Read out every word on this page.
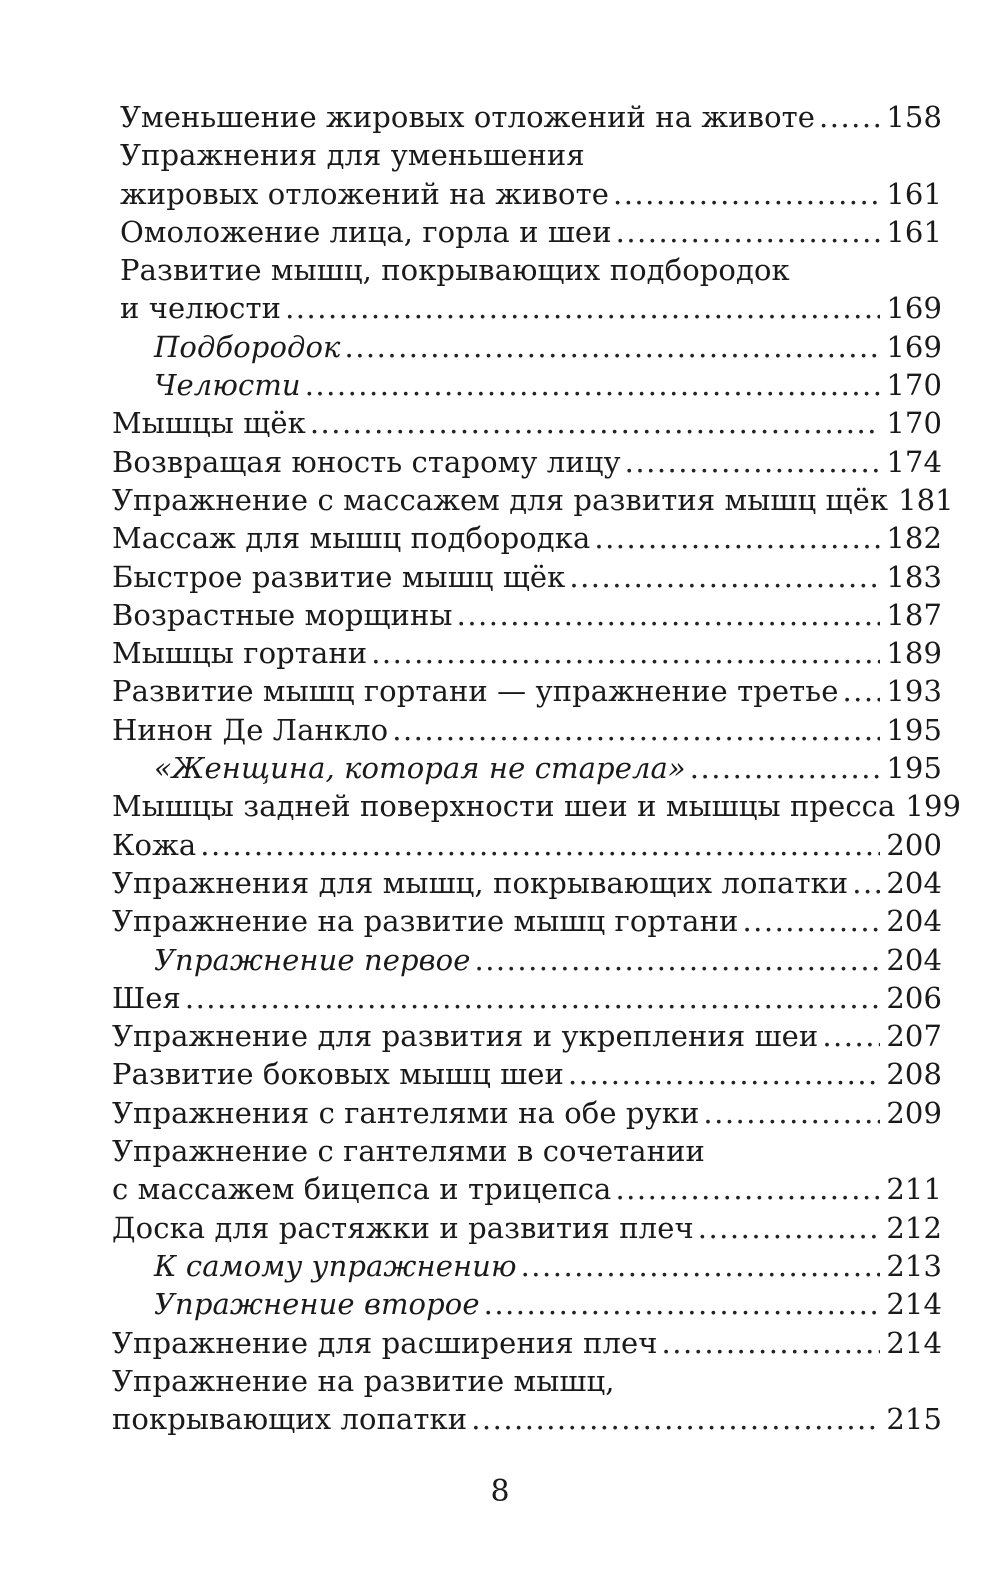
Уменьшение жировых отложений на животе ..... 158
Упражнения для уменьшения
жировых отложений на животе .....	161
Омоложение лица, горла и шеи .....	161
Развитие мышц, покрывающих подбородок
и челюсти .....	169
Подбородок .....	169
Челюсти .....	170
Мышцы щёк .....	170
Возвращая юность старому лицу .....	174
Упражнение с массажем для развития мышц щёк 181
Массаж для мышц подбородка .....	182
Быстрое развитие мышц щёк .....	183
Возрастные морщины .....	187
Мышцы гортани .....	189
Развитие мышц гортани — упражнение третье ..... 193
Нинон Де Ланкло .....	195
«Женщина, которая не старела» .....	195
Мышцы задней поверхности шеи и мышцы пресса 199
Кожа .....	200
Упражнения для мышц, покрывающих лопатки ..... 204
Упражнение на развитие мышц гортани .....	204
Упражнение первое .....	204
Шея .....	206
Упражнение для развития и укрепления шеи ..... 207
Развитие боковых мышц шеи .....	208
Упражнения с гантелями на обе руки .....	209
Упражнение с гантелями в сочетании
с массажем бицепса и трицепса .....	211
Доска для растяжки и развития плеч .....	212
К самому упражнению .....	213
Упражнение второе .....	214
Упражнение для расширения плеч .....	214
Упражнение на развитие мышц,
покрывающих лопатки .....	215
8
